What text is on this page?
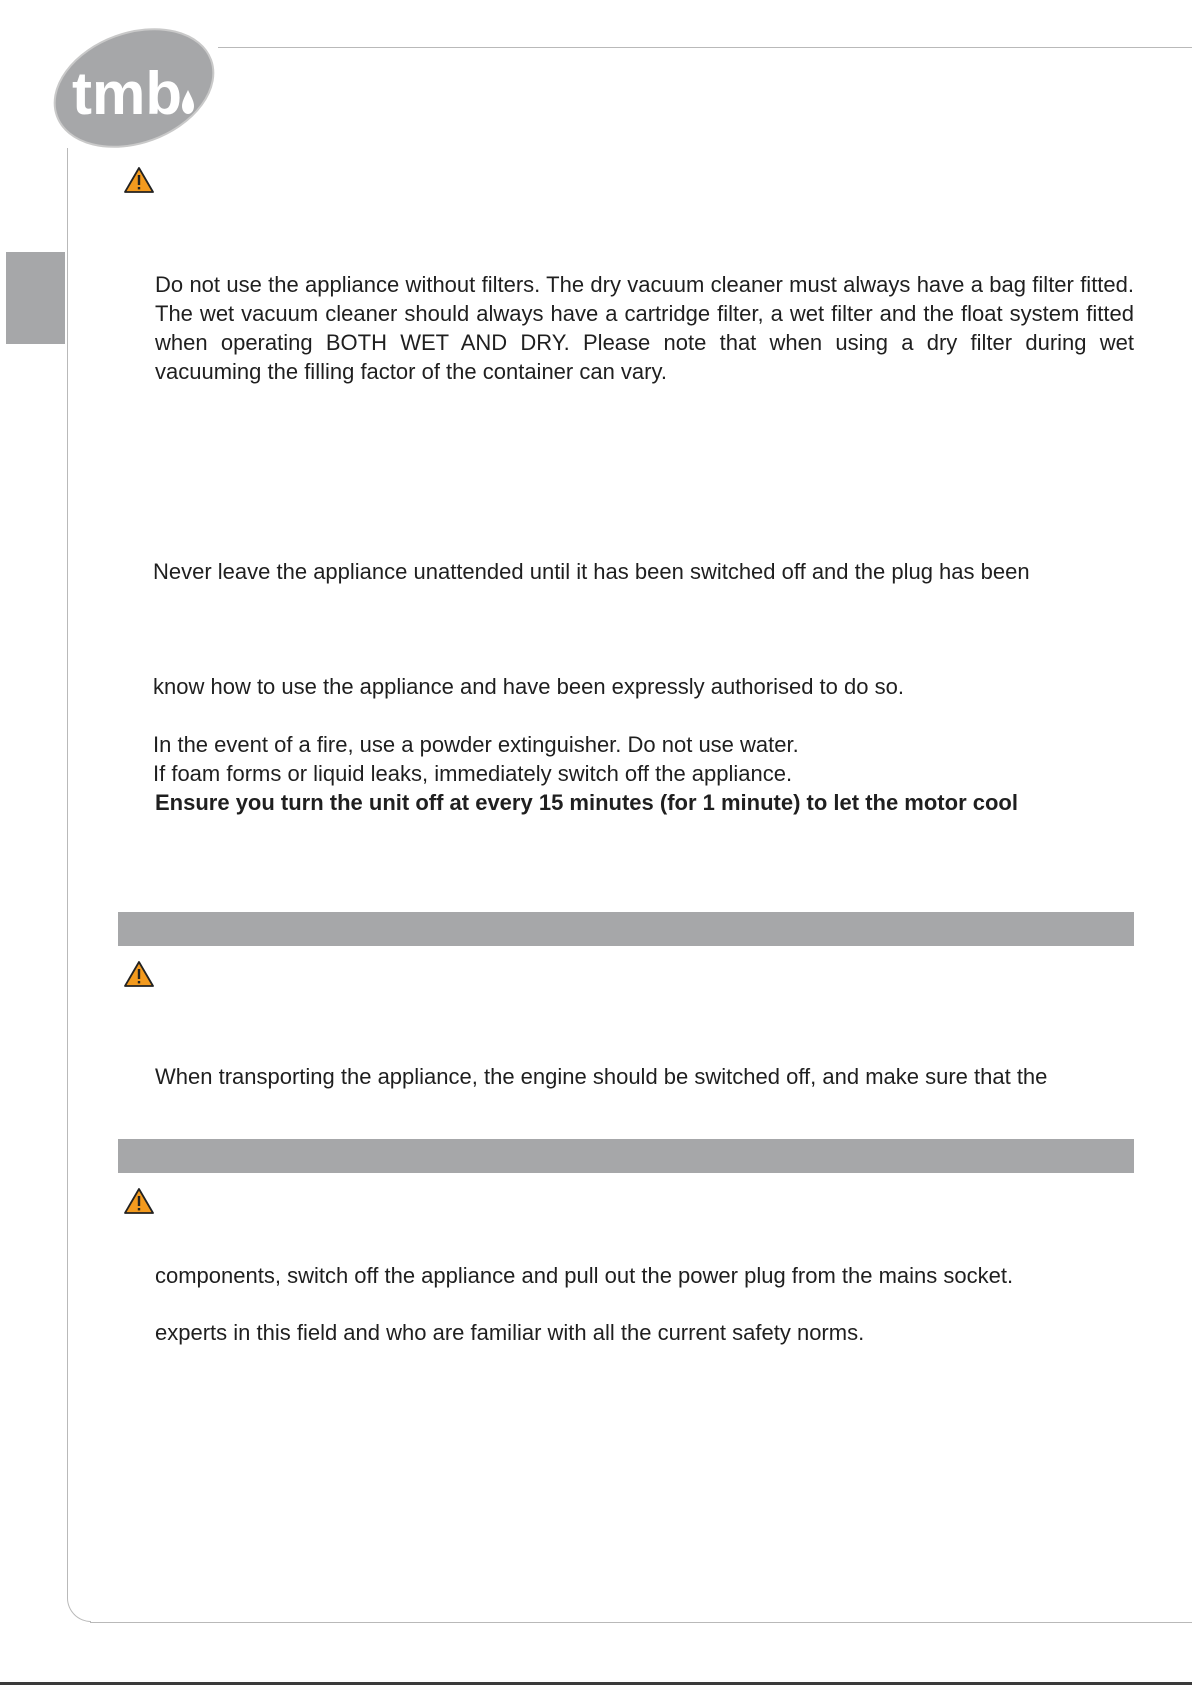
tmb

Do not use the appliance without filters. The dry vacuum cleaner must always have a bag filter fitted. The wet vacuum cleaner should always have a cartridge filter, a wet filter and the float system fitted when operating BOTH WET AND DRY. Please note that when using a dry filter during wet vacuuming the filling factor of the container can vary.

Never leave the appliance unattended until it has been switched off and the plug has been

know how to use the appliance and have been expressly authorised to do so.

In the event of a fire, use a powder extinguisher. Do not use water.

If foam forms or liquid leaks, immediately switch off the appliance.

Ensure you turn the unit off at every 15 minutes (for 1 minute) to let the motor cool

When transporting the appliance, the engine should be switched off, and make sure that the

components, switch off the appliance and pull out the power plug from the mains socket.

experts in this field and who are familiar with all the current safety norms.
